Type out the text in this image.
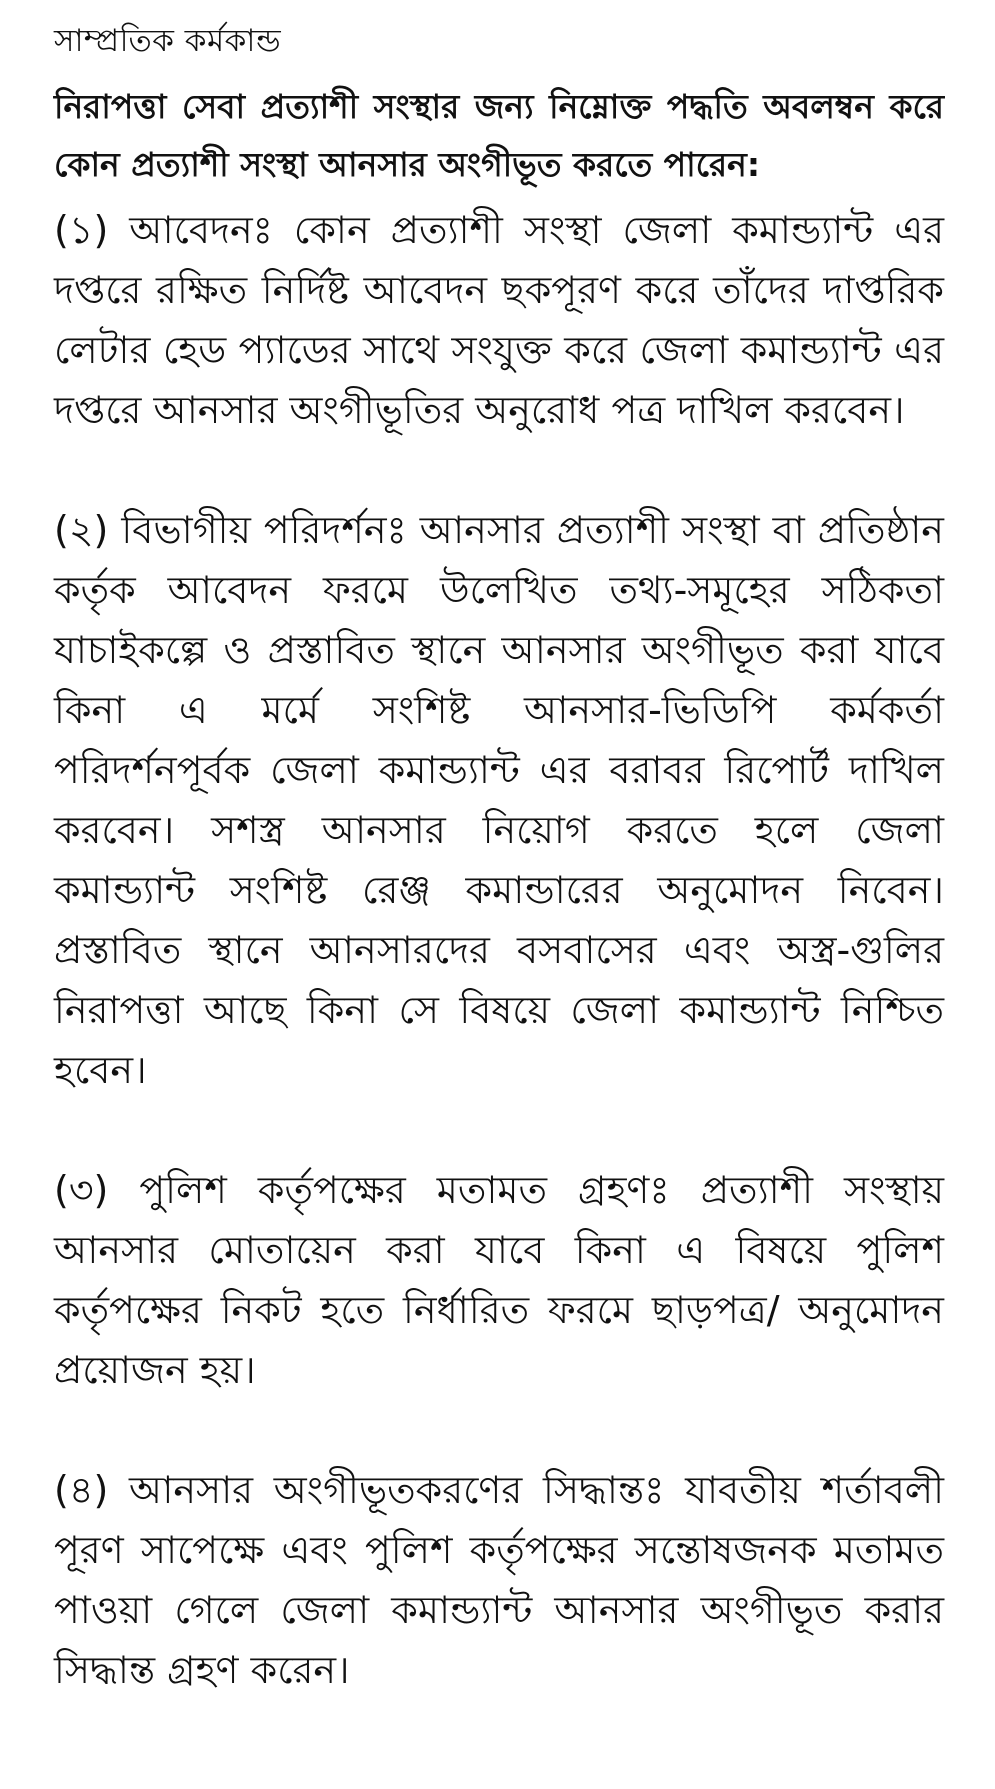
সাম্প্রতিক কর্মকান্ড

নিরাপত্তা সেবা প্রত্যাশী সংস্থার জন্য নিম্নোক্ত পদ্ধতি অবলম্বন করে কোন প্রত্যাশী সংস্থা আনসার অংগীভূত করতে পারেন:

(১) আবেদনঃ কোন প্রত্যাশী সংস্থা জেলা কমান্ড্যান্ট এর দপ্তরে রক্ষিত নির্দিষ্ট আবেদন ছকপূরণ করে তাঁদের দাপ্তরিক লেটার হেড প্যাডের সাথে সংযুক্ত করে জেলা কমান্ড্যান্ট এর দপ্তরে আনসার অংগীভূতির অনুরোধ পত্র দাখিল করবেন।

(২) বিভাগীয় পরিদর্শনঃ আনসার প্রত্যাশী সংস্থা বা প্রতিষ্ঠান কর্তৃক আবেদন ফরমে উলেখিত তথ্য-সমূহের সঠিকতা যাচাইকল্পে ও প্রস্তাবিত স্থানে আনসার অংগীভূত করা যাবে কিনা এ মর্মে সংশিষ্ট আনসার-ভিডিপি কর্মকর্তা পরিদর্শনপূর্বক জেলা কমান্ড্যান্ট এর বরাবর রিপোর্ট দাখিল করবেন। সশস্ত্র আনসার নিয়োগ করতে হলে জেলা কমান্ড্যান্ট সংশিষ্ট রেঞ্জ কমান্ডারের অনুমোদন নিবেন। প্রস্তাবিত স্থানে আনসারদের বসবাসের এবং অস্ত্র-গুলির নিরাপত্তা আছে কিনা সে বিষয়ে জেলা কমান্ড্যান্ট নিশ্চিত হবেন।

(৩) পুলিশ কর্তৃপক্ষের মতামত গ্রহণঃ প্রত্যাশী সংস্থায় আনসার মোতায়েন করা যাবে কিনা এ বিষয়ে পুলিশ কর্তৃপক্ষের নিকট হতে নির্ধারিত ফরমে ছাড়পত্র/ অনুমোদন প্রয়োজন হয়।

(৪) আনসার অংগীভূতকরণের সিদ্ধান্তঃ যাবতীয় শর্তাবলী পূরণ সাপেক্ষে এবং পুলিশ কর্তৃপক্ষের সন্তোষজনক মতামত পাওয়া গেলে জেলা কমান্ড্যান্ট আনসার অংগীভূত করার সিদ্ধান্ত গ্রহণ করেন।
